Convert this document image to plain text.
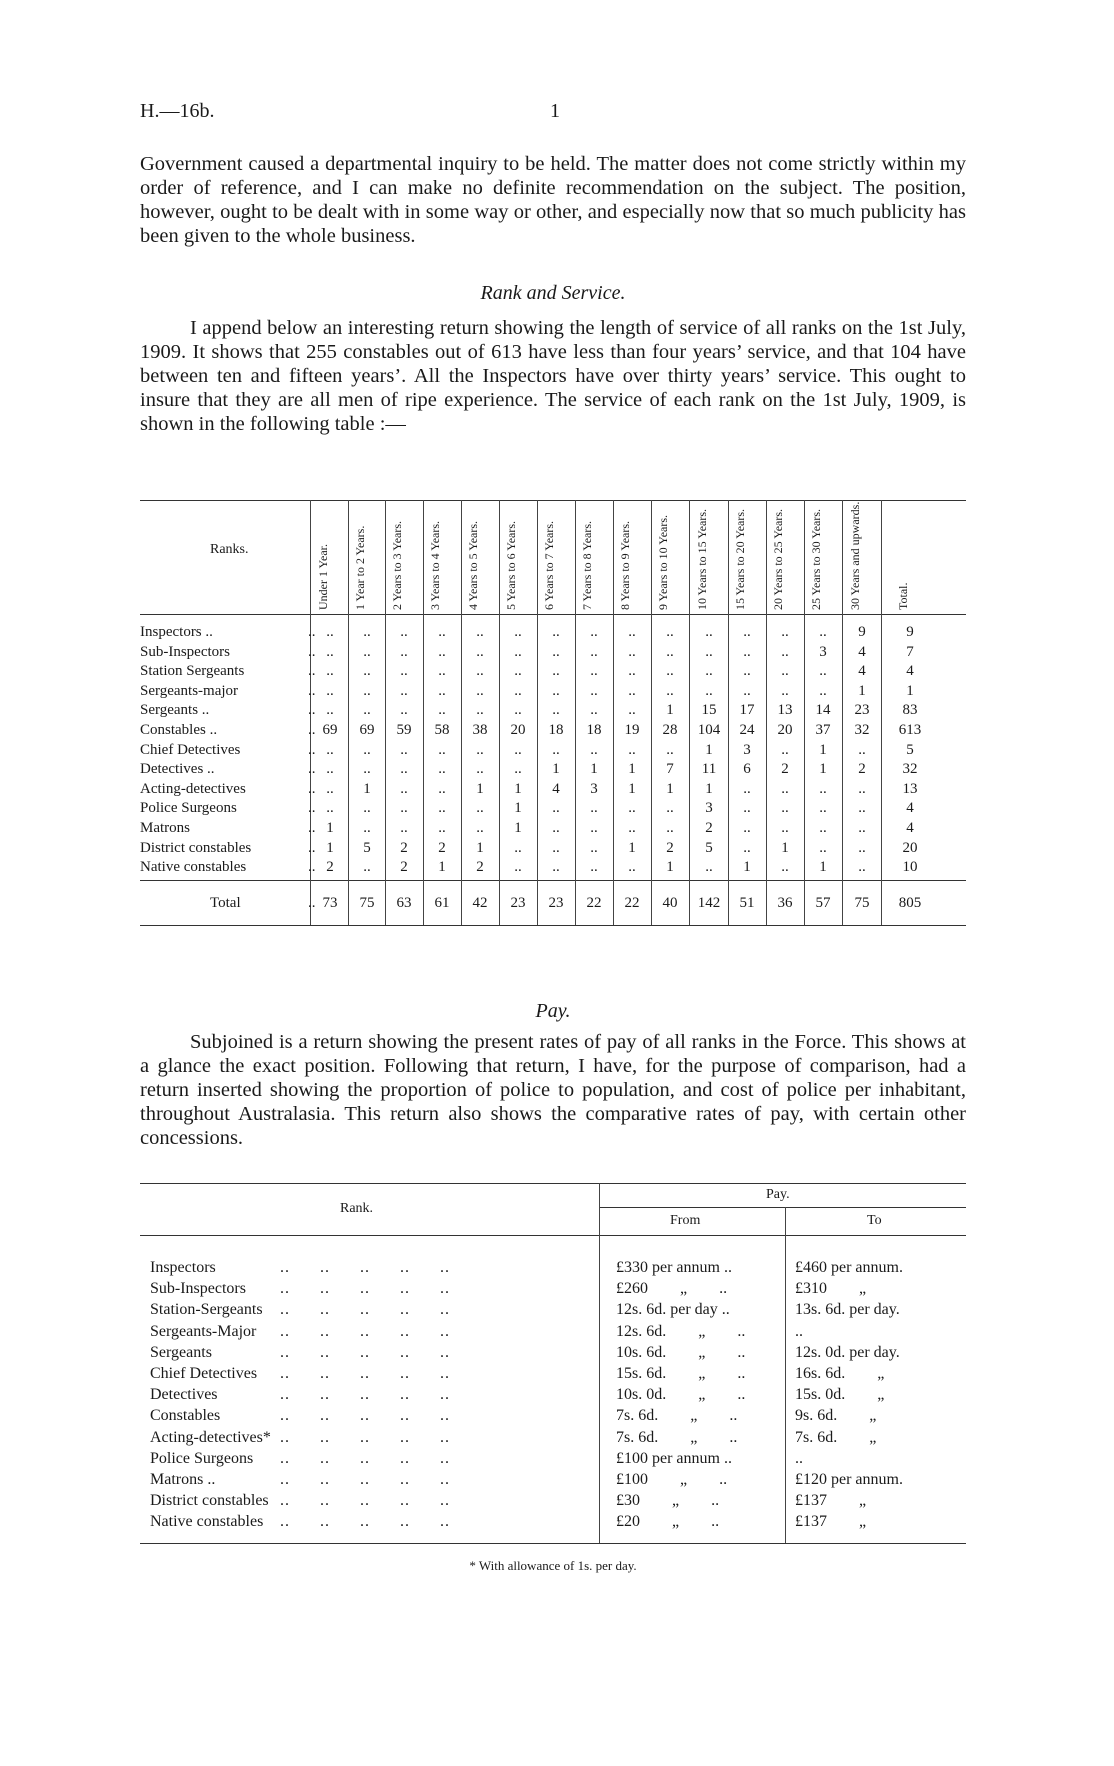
H.—16b.	1

Government caused a departmental inquiry to be held. The matter does not come strictly within my order of reference, and I can make no definite recommendation on the subject. The position, however, ought to be dealt with in some way or other, and especially now that so much publicity has been given to the whole business.

Rank and Service.

I append below an interesting return showing the length of service of all ranks on the 1st July, 1909. It shows that 255 constables out of 613 have less than four years’ service, and that 104 have between ten and fifteen years’. All the Inspectors have over thirty years’ service. This ought to insure that they are all men of ripe experience. The service of each rank on the 1st July, 1909, is shown in the following table :—

Ranks.	Under 1 Year. 1 Year to 2 Years. 2 Years to 3 Years. 3 Years to 4 Years. 4 Years to 5 Years. 5 Years to 6 Years. 6 Years to 7 Years. 7 Years to 8 Years. 8 Years to 9 Years. 9 Years to 10 Years. 10 Years to 15 Years. 15 Years to 20 Years. 20 Years to 25 Years. 25 Years to 30 Years. 30 Years and upwards.	Total.
Inspectors ..	.. ..	..	..	..	..	..	..	..	..	..	..	..	..	..	9	9
Sub-Inspectors	.. ..	..	..	..	..	..	..	..	..	..	..	..	..	3	4	7
Station Sergeants	.. ..	..	..	..	..	..	..	..	..	..	..	..	..	..	4	4
Sergeants-major	.. ..	..	..	..	..	..	..	..	..	..	..	..	..	..	1	1
Sergeants ..	.. ..	..	..	..	..	..	..	..	..	1	15	17	13	14	23	83
Constables ..	.. 69	69	59	58	38	20	18	18	19	28	104	24	20	37	32	613
Chief Detectives	.. ..	..	..	..	..	..	..	..	..	..	1	3	..	1	..	5
Detectives ..	.. ..	..	..	..	..	..	1	1	1	7	11	6	2	1	2	32
Acting-detectives	.. ..	1	..	..	1	1	4	3	1	1	1	..	..	..	..	13
Police Surgeons	.. ..	..	..	..	..	1	..	..	..	..	3	..	..	..	..	4
Matrons	.. 1	..	..	..	..	1	..	..	..	..	2	..	..	..	..	4
District constables	.. 1	5	2	2	1	..	..	..	1	2	5	..	1	..	..	20
Native constables	.. 2	..	2	1	2	..	..	..	..	1	..	1	..	1	..	10
Total	.. 73	75	63	61	42	23	23	22	22	40	142	51	36	57	75	805
Pay.

Subjoined is a return showing the present rates of pay of all ranks in the Force. This shows at a glance the exact position. Following that return, I have, for the purpose of comparison, had a return inserted showing the proportion of police to population, and cost of police per inhabitant, throughout Australasia. This return also shows the comparative rates of pay, with certain other concessions.

Rank.
Pay.
From	To
Inspectors	..      ..      ..      ..      ..	£330 per annum ..	£460 per annum.
Sub-Inspectors ..      ..      ..      ..      ..	£260        „        ..	£310        „
Station-Sergeants ..      ..      ..      ..      ..	12s. 6d. per day ..	13s. 6d. per day.
Sergeants-Major ..      ..      ..      ..      ..	12s. 6d.        „        ..	..
Sergeants	..      ..      ..      ..      ..	10s. 6d.        „        ..	12s. 0d. per day.
Chief Detectives ..      ..      ..      ..      ..	15s. 6d.        „        ..	16s. 6d.        „
Detectives	..      ..      ..      ..      ..	10s. 0d.        „        ..	15s. 0d.        „
Constables	..      ..      ..      ..      ..	7s. 6d.        „        ..	9s. 6d.        „
Acting-detectives* ..      ..      ..      ..      ..	7s. 6d.        „        ..	7s. 6d.        „
Police Surgeons ..      ..      ..      ..      ..	£100 per annum ..	..
Matrons ..	..      ..      ..      ..      ..	£100        „        ..	£120 per annum.
District constables ..      ..      ..      ..      ..	£30        „        ..	£137        „
Native constables ..      ..      ..      ..      ..	£20        „        ..	£137        „
* With allowance of 1s. per day.
